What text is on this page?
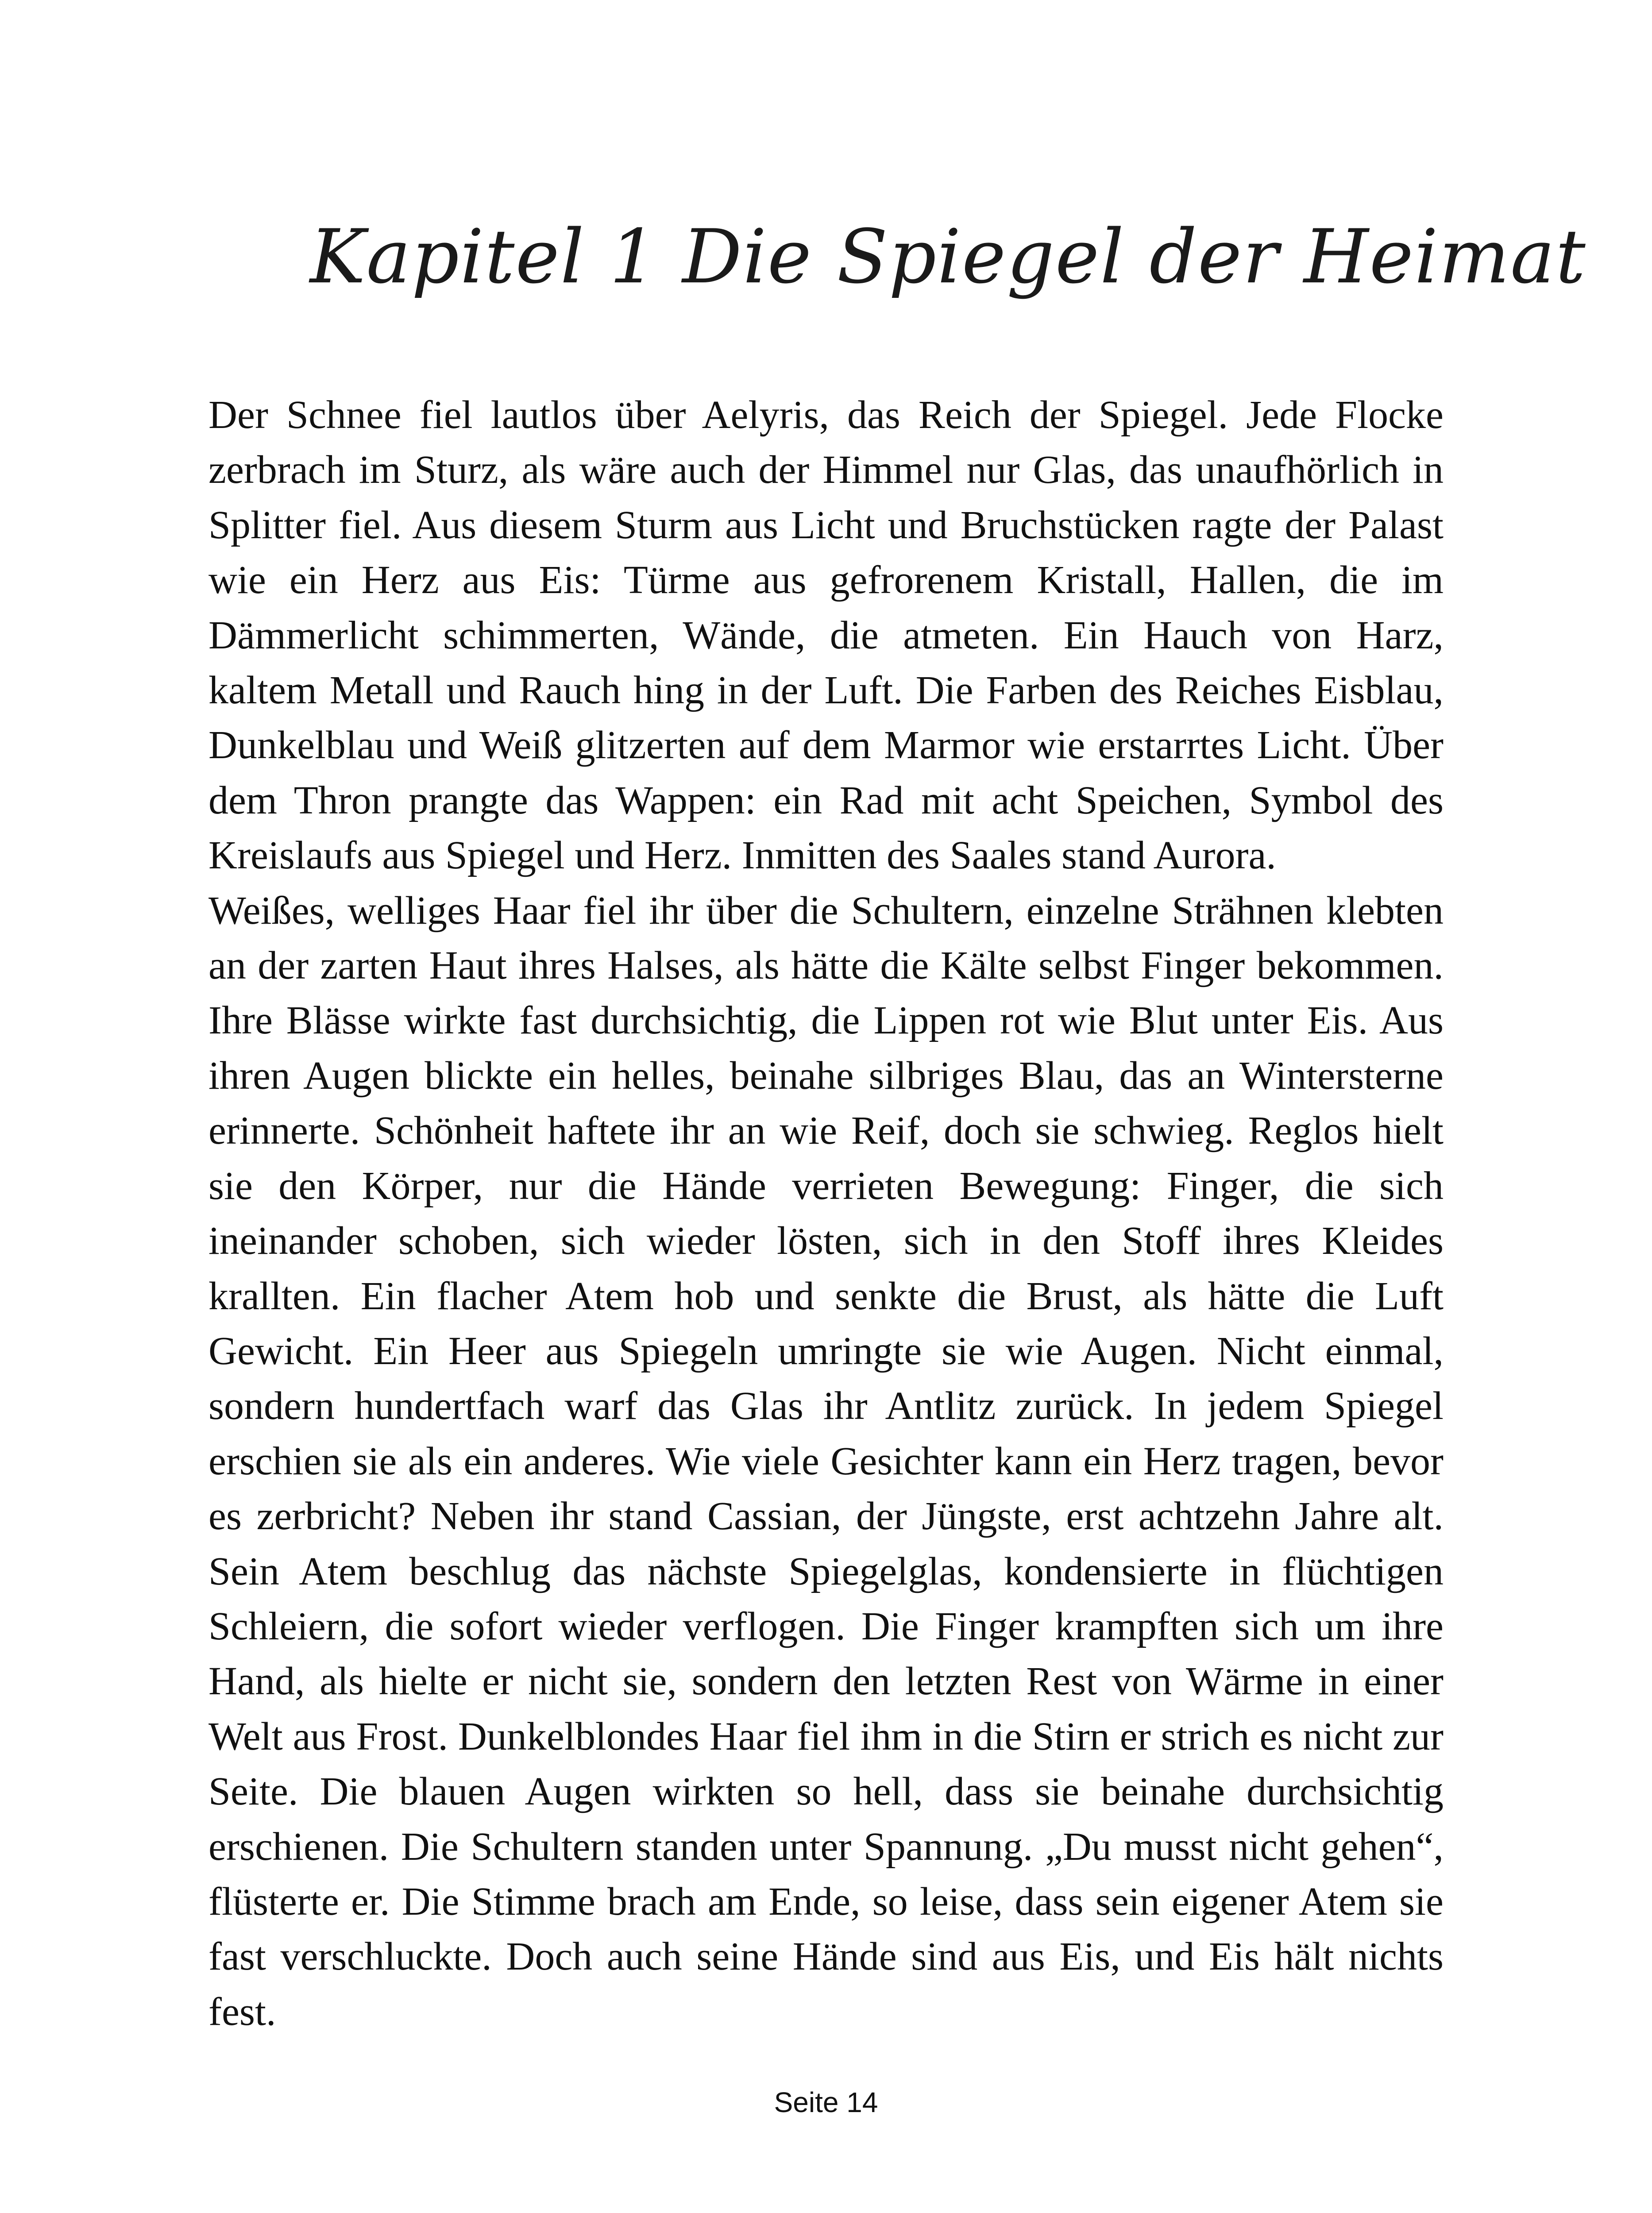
Kapitel 1 Die Spiegel der Heimat

Der Schnee fiel lautlos über Aelyris, das Reich der Spiegel. Jede Flocke zerbrach im Sturz, als wäre auch der Himmel nur Glas, das unaufhörlich in Splitter fiel. Aus diesem Sturm aus Licht und Bruchstücken ragte der Palast wie ein Herz aus Eis: Türme aus gefrorenem Kristall, Hallen, die im Dämmerlicht schimmerten, Wände, die atmeten. Ein Hauch von Harz, kaltem Metall und Rauch hing in der Luft. Die Farben des Reiches Eisblau, Dunkelblau und Weiß glitzerten auf dem Marmor wie erstarrtes Licht. Über dem Thron prangte das Wappen: ein Rad mit acht Speichen, Symbol des Kreislaufs aus Spiegel und Herz. Inmitten des Saales stand Aurora.

Weißes, welliges Haar fiel ihr über die Schultern, einzelne Strähnen klebten an der zarten Haut ihres Halses, als hätte die Kälte selbst Finger bekommen. Ihre Blässe wirkte fast durchsichtig, die Lippen rot wie Blut unter Eis. Aus ihren Augen blickte ein helles, beinahe silbriges Blau, das an Wintersterne erinnerte. Schönheit haftete ihr an wie Reif, doch sie schwieg. Reglos hielt sie den Körper, nur die Hände verrieten Bewegung: Finger, die sich ineinander schoben, sich wieder lösten, sich in den Stoff ihres Kleides krallten. Ein flacher Atem hob und senkte die Brust, als hätte die Luft Gewicht. Ein Heer aus Spiegeln umringte sie wie Augen. Nicht einmal, sondern hundertfach warf das Glas ihr Antlitz zurück. In jedem Spiegel erschien sie als ein anderes. Wie viele Gesichter kann ein Herz tragen, bevor es zerbricht? Neben ihr stand Cassian, der Jüngste, erst achtzehn Jahre alt. Sein Atem beschlug das nächste Spiegelglas, kondensierte in flüchtigen Schleiern, die sofort wieder verflogen. Die Finger krampften sich um ihre Hand, als hielte er nicht sie, sondern den letzten Rest von Wärme in einer Welt aus Frost. Dunkelblondes Haar fiel ihm in die Stirn er strich es nicht zur Seite. Die blauen Augen wirkten so hell, dass sie beinahe durchsichtig erschienen. Die Schultern standen unter Spannung. „Du musst nicht gehen“, flüsterte er. Die Stimme brach am Ende, so leise, dass sein eigener Atem sie fast verschluckte. Doch auch seine Hände sind aus Eis, und Eis hält nichts fest.

Seite 14
